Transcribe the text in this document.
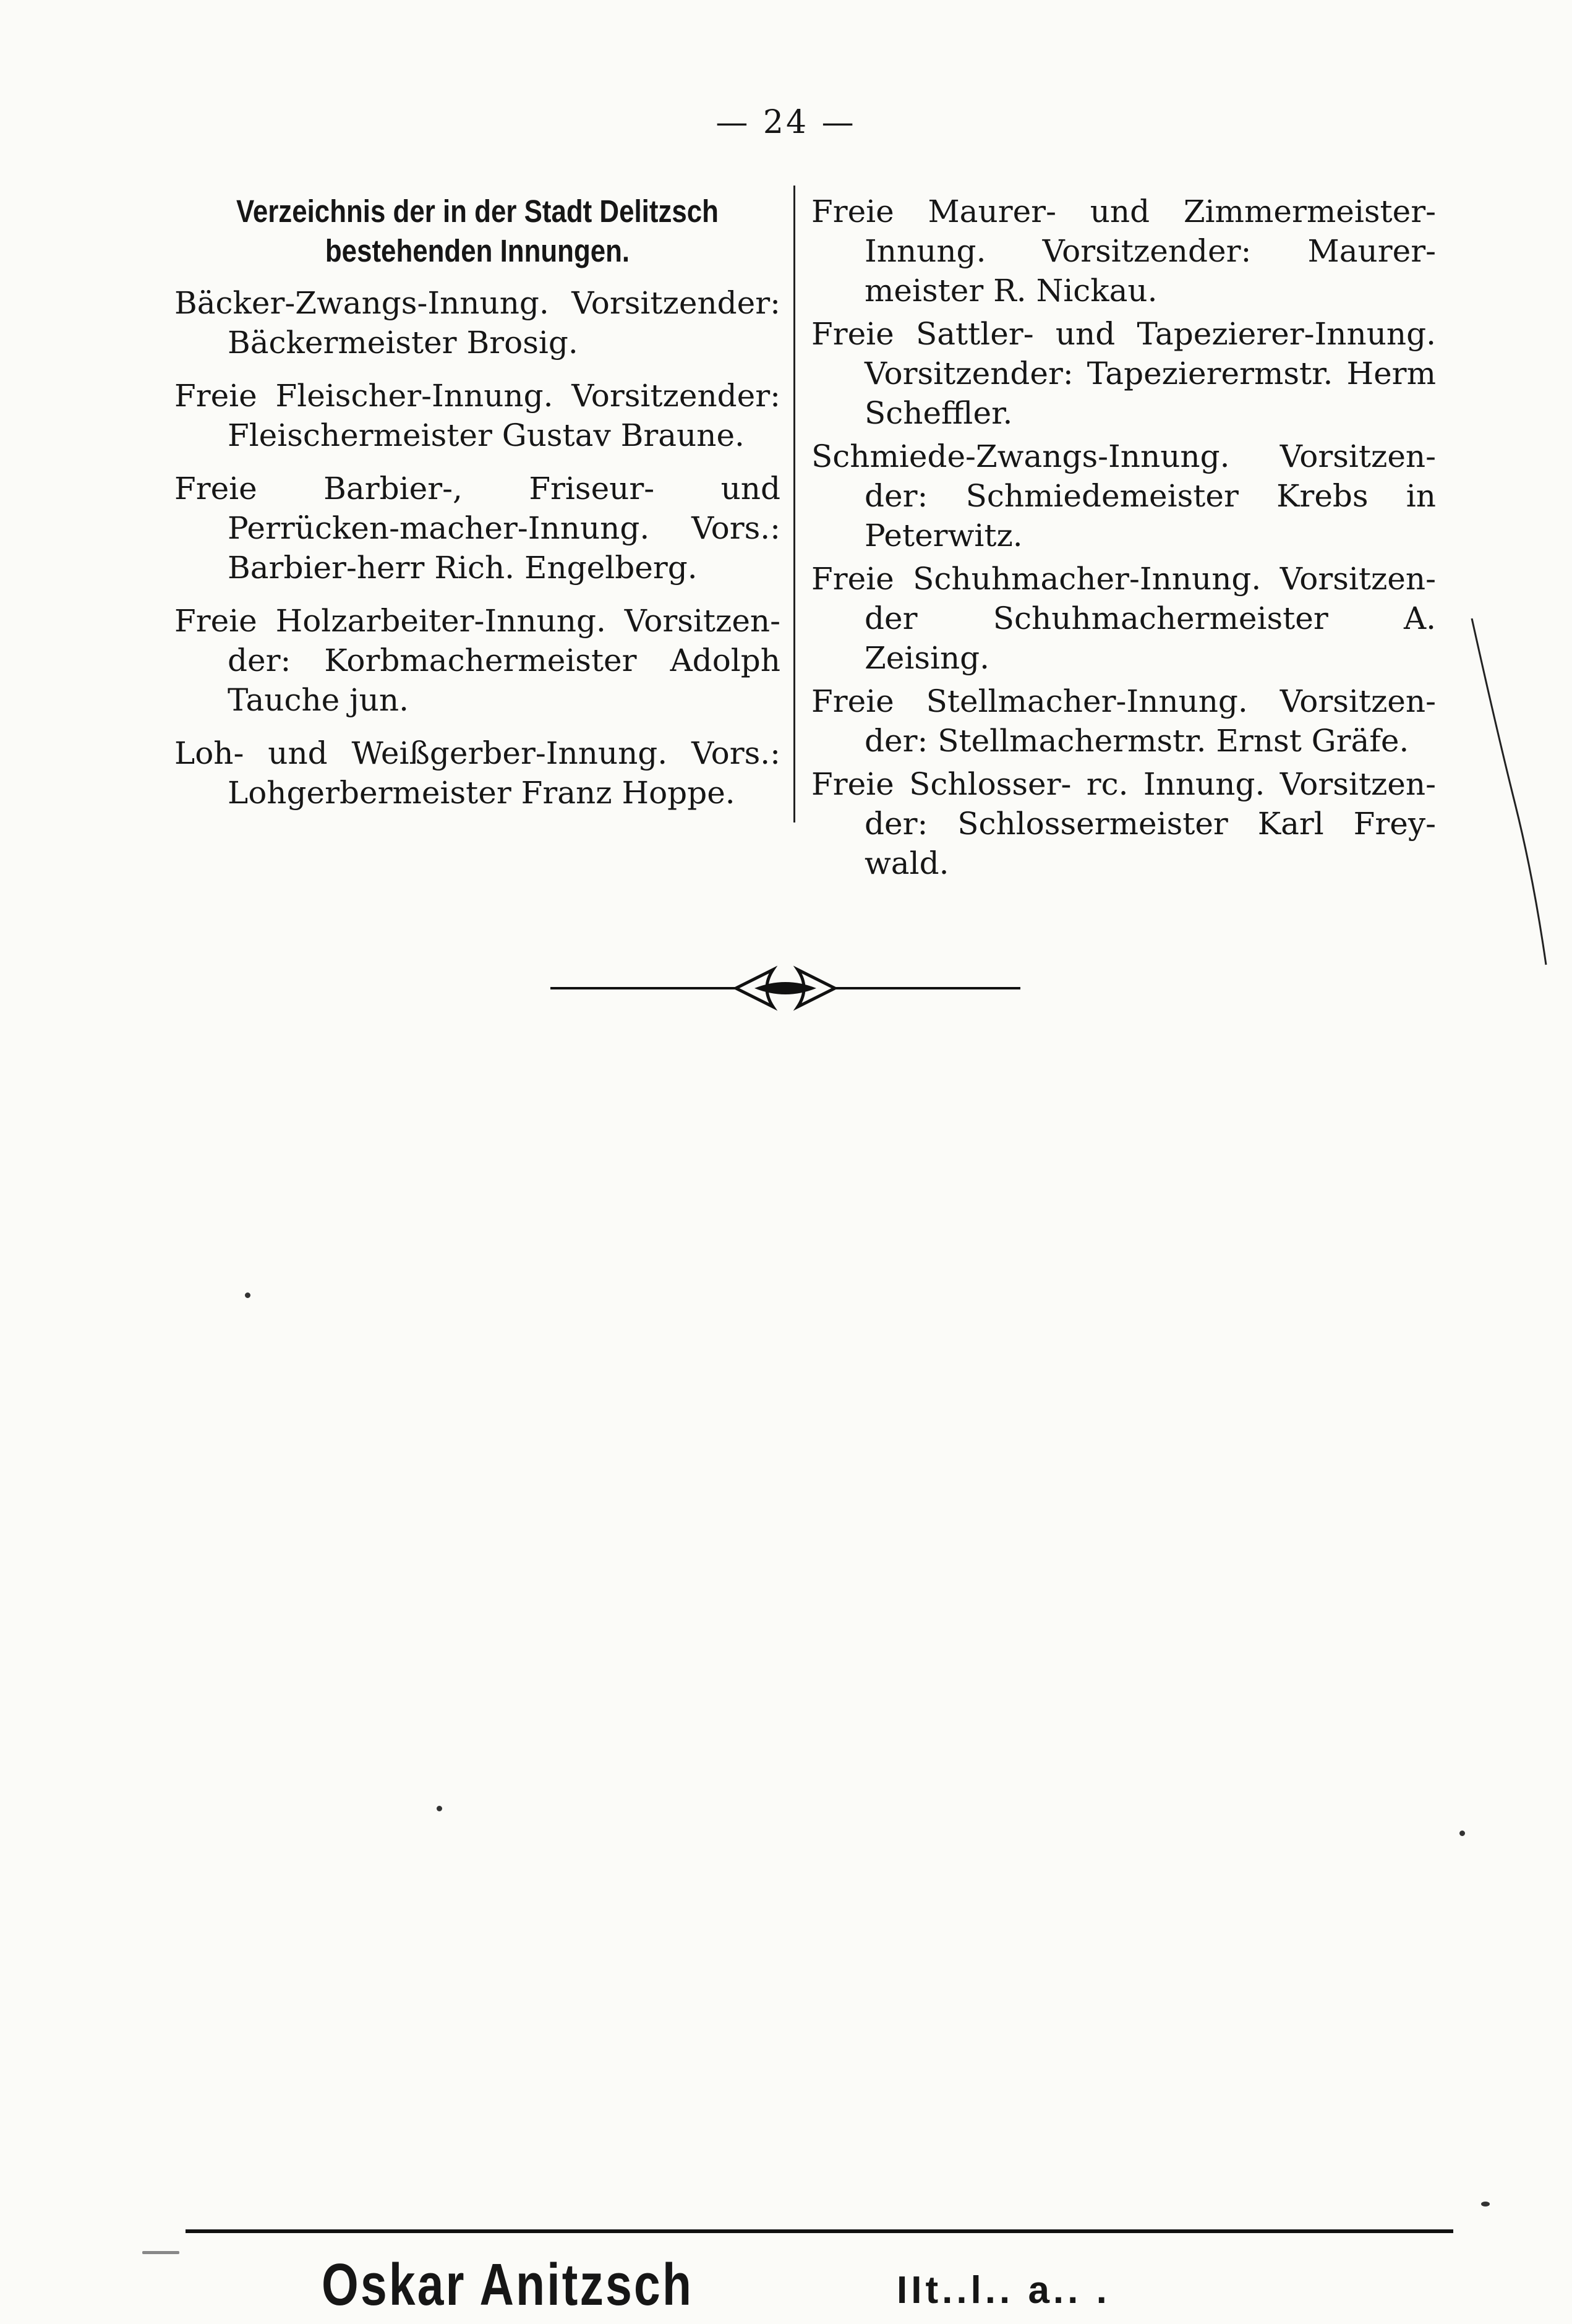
— 24 —
Verzeichnis der in der Stadt Delitzsch bestehenden Innungen.

Bäcker-Zwangs-Innung. Vorsitzender: Bäckermeister Brosig.

Freie Fleischer-Innung. Vorsitzender: Fleischermeister Gustav Braune.

Freie Barbier-, Friseur- und Perrücken-macher-Innung. Vors.: Barbier-herr Rich. Engelberg.

Freie Holzarbeiter-Innung. Vorsitzen-der: Korbmachermeister Adolph Tauche jun.

Loh- und Weißgerber-Innung. Vors.: Lohgerbermeister Franz Hoppe.

Freie Maurer- und Zimmermeister-Innung. Vorsitzender: Maurer-meister R. Nickau.

Freie Sattler- und Tapezierer-Innung. Vorsitzender: Tapezierermstr. Herm Scheffler.

Schmiede-Zwangs-Innung. Vorsitzen-der: Schmiedemeister Krebs in Peterwitz.

Freie Schuhmacher-Innung. Vorsitzen-der Schuhmachermeister A. Zeising.

Freie Stellmacher-Innung. Vorsitzen-der: Stellmachermstr. Ernst Gräfe.

Freie Schlosser- rc. Innung. Vorsitzen-der: Schlossermeister Karl Frey-wald.

Oskar Anitzsch	IIt..l.. a.. .
